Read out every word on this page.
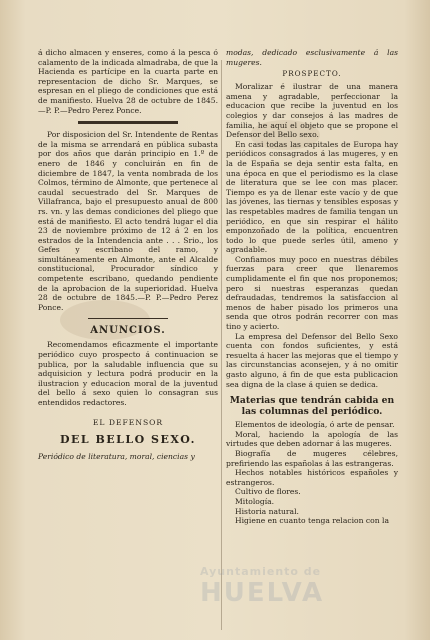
á dicho almacen y enseres, como á la pesca ó calamento de la indicada almadraba, de que la Hacienda es partícipe en la cuarta parte en representacion de dicho Sr. Marques, se espresan en el pliego de condiciones que está de manifiesto. Huelva 28 de octubre de 1845.—P. P.—Pedro Perez Ponce.

Por disposicion del Sr. Intendente de Rentas de la misma se arrendará en pública subasta por dos años que darán principio en 1.º de enero de 1846 y concluirán en fin de diciembre de 1847, la venta nombrada de los Colmos, término de Almonte, que pertenece al caudal secuestrado del Sr. Marques de Villafranca, bajo el presupuesto anual de 800 rs. vn. y las demas condiciones del pliego que está de manifiesto. El acto tendrá lugar el dia 23 de noviembre próximo de 12 á 2 en los estrados de la Intendencia ante . . . Srio., los Gefes y escribano del ramo, y simultáneamente en Almonte, ante el Alcalde constitucional, Procurador síndico y competente escribano, quedando pendiente de la aprobacion de la superioridad. Huelva 28 de octubre de 1845.—P. P.—Pedro Perez Ponce.

ANUNCIOS.

Recomendamos eficazmente el importante periódico cuyo prospecto á continuacion se publica, por la saludable influencia que su adquisicion y lectura podrá producir en la ilustracion y educacion moral de la juventud del bello á sexo quien lo consagran sus entendidos redactores.

EL DEFENSOR
DEL BELLO SEXO.

Periódico de literatura, moral, ciencias y

modas, dedicado esclusivamente á las mugeres.

PROSPECTO.

Moralizar é ilustrar de una manera amena y agradable, perfeccionar la educacion que recibe la juventud en los colegios y dar consejos á las madres de familia, he aquí el objeto que se propone el Defensor del Bello sexo.

En casi todas las capitales de Europa hay periódicos consagrados á las mugeres, y en la de España se deja sentir esta falta, en una época en que el periodismo es la clase de literatura que se lee con mas placer. Tiempo es ya de llenar este vacío y de que las jóvenes, las tiernas y tensibles esposas y las respetables madres de familia tengan un periódico, en que sin respirar el hálito emponzoñado de la política, encuentren todo lo que puede serles útil, ameno y agradable.

Confiamos muy poco en nuestras débiles fuerzas para creer que llenaremos cumplidamente el fin que nos proponemos; pero si nuestras esperanzas quedan defraudadas, tendremos la satisfaccion al menos de haber pisado los primeros una senda que otros podrán recorrer con mas tino y acierto.

La empresa del Defensor del Bello Sexo cuenta con fondos suficientes, y está resuelta á hacer las mejoras que el tiempo y las circunstancias aconsejen, y á no omitir gasto alguno, á fin de que esta publicacion sea digna de la clase á quien se dedica.

Materias que tendrán cabida en las columnas del periódico.

Elementos de ideología, ó arte de pensar.

Moral, haciendo la apología de las virtudes que deben adornar á las mugeres.

Biografía de mugeres célebres, prefiriendo las españolas á las estrangeras.

Hechos notables históricos españoles y estrangeros.

Cultivo de flores.

Mitología.

Historia natural.

Higiene en cuanto tenga relacion con la

Ayuntamiento de
HUELVA
